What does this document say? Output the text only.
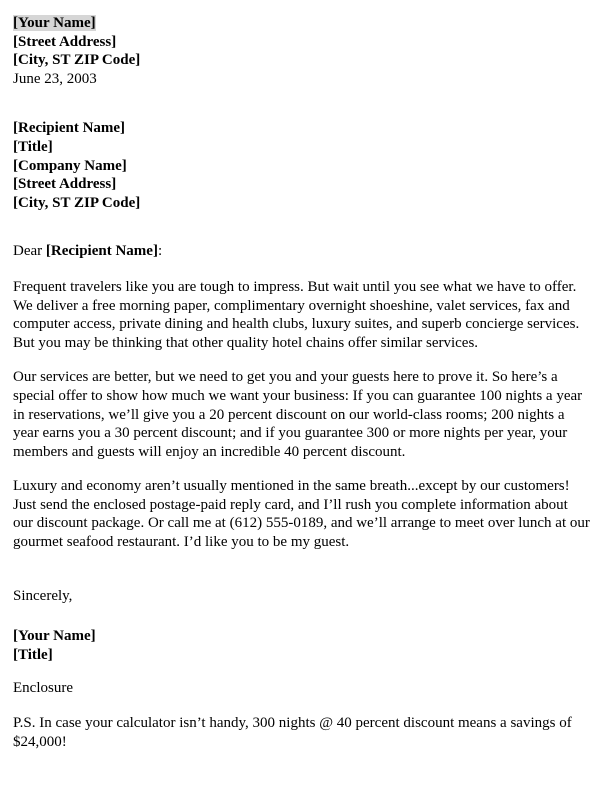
[Your Name]
[Street Address]
[City, ST ZIP Code]
June 23, 2003
[Recipient Name]
[Title]
[Company Name]
[Street Address]
[City, ST ZIP Code]
Dear [Recipient Name]:

Frequent travelers like you are tough to impress. But wait until you see what we have to offer. We deliver a free morning paper, complimentary overnight shoeshine, valet services, fax and computer access, private dining and health clubs, luxury suites, and superb concierge services. But you may be thinking that other quality hotel chains offer similar services.

Our services are better, but we need to get you and your guests here to prove it. So here’s a special offer to show how much we want your business: If you can guarantee 100 nights a year in reservations, we’ll give you a 20 percent discount on our world-class rooms; 200 nights a year earns you a 30 percent discount; and if you guarantee 300 or more nights per year, your members and guests will enjoy an incredible 40 percent discount.

Luxury and economy aren’t usually mentioned in the same breath...except by our customers! Just send the enclosed postage-paid reply card, and I’ll rush you complete information about our discount package. Or call me at (612) 555-0189, and we’ll arrange to meet over lunch at our gourmet seafood restaurant. I’d like you to be my guest.

Sincerely,
[Your Name]
[Title]
Enclosure

P.S. In case your calculator isn’t handy, 300 nights @ 40 percent discount means a savings of $24,000!
